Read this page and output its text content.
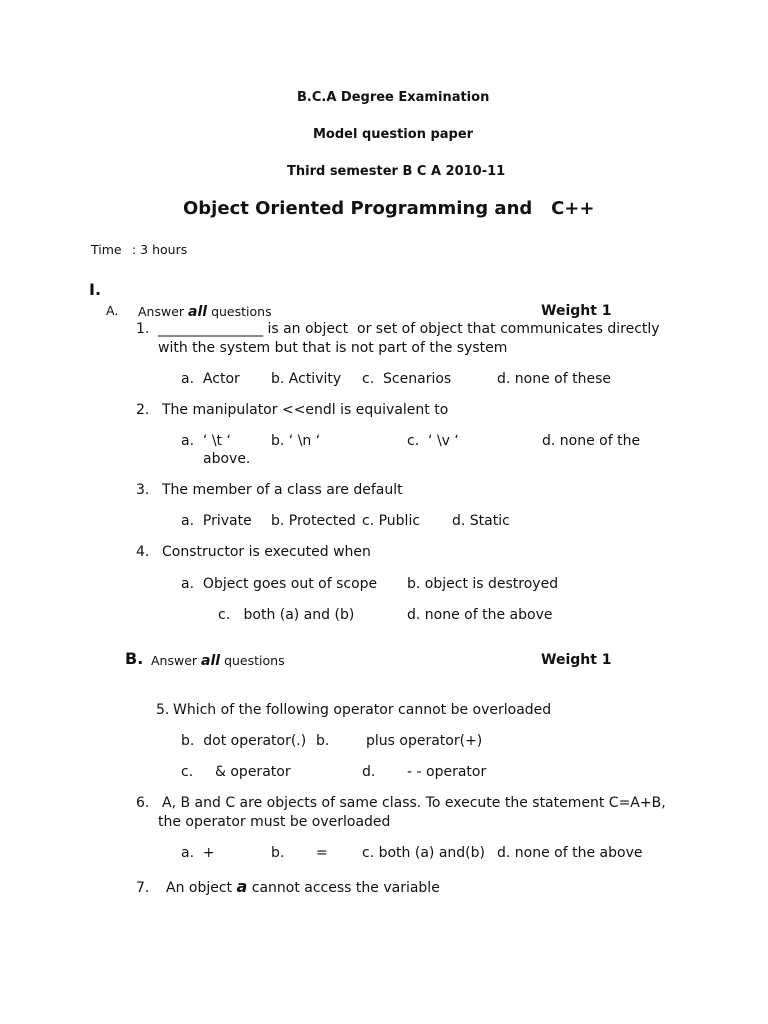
B.C.A Degree Examination
Model question paper
Third semester B C A 2010-11
Object Oriented Programming and   C++
Time : 3 hours
I.
A. Answer all questions	Weight 1
1. _______________ is an object  or set of object that communicates directly
with the system but that is not part of the system
a.  Actor b. Activity c.  Scenarios	d. none of these
2. The manipulator <<endl is equivalent to
a.  ‘ \t ‘	b. ‘ \n ‘	c.  ‘ \v ‘	d. none of the
above.
3. The member of a class are default
a.  Private b. Protected c. Public d. Static
4. Constructor is executed when
a.  Object goes out of scope b. object is destroyed
c.   both (a) and (b)	d. none of the above
B. Answer all questions	Weight 1
5. Which of the following operator cannot be overloaded
b.  dot operator(.) b.	plus operator(+)
c. & operator	d. - - operator
6. A, B and C are objects of same class. To execute the statement C=A+B,
the operator must be overloaded
a.  +	b. = c. both (a) and(b) d. none of the above
7. An object a cannot access the variable
